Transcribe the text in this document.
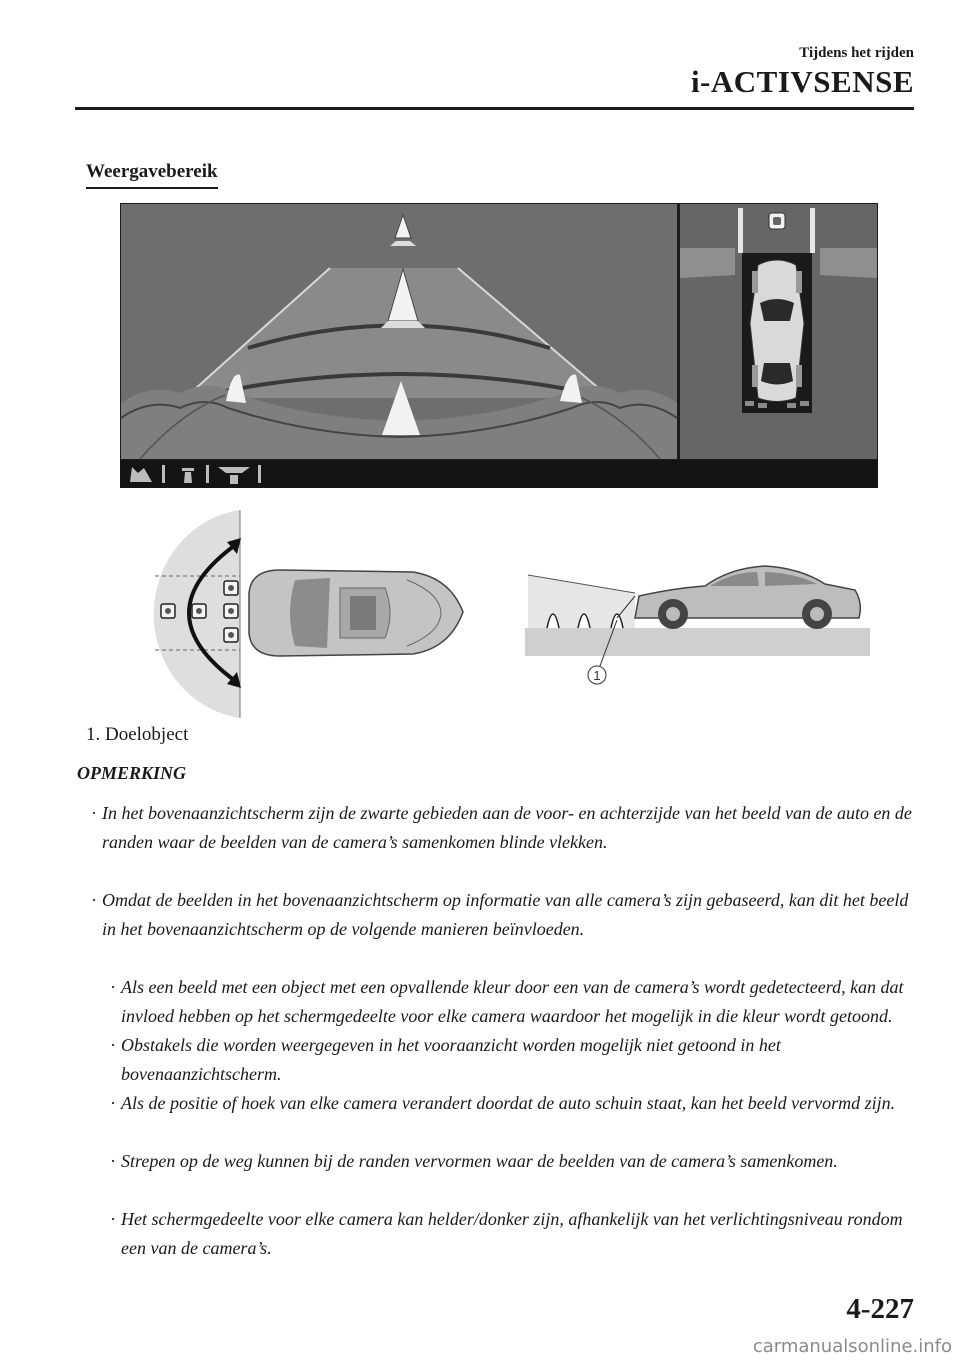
Tijdens het rijden
i-ACTIVSENSE
Weergavebereik
1
1. Doelobject
OPMERKING
· In het bovenaanzichtscherm zijn de zwarte gebieden aan de voor- en achterzijde van het beeld van de auto en de randen waar de beelden van de camera’s samenkomen blinde vlekken.
· Omdat de beelden in het bovenaanzichtscherm op informatie van alle camera’s zijn gebaseerd, kan dit het beeld in het bovenaanzichtscherm op de volgende manieren beïnvloeden.
· Als een beeld met een object met een opvallende kleur door een van de camera’s wordt gedetecteerd, kan dat invloed hebben op het schermgedeelte voor elke camera waardoor het mogelijk in die kleur wordt getoond.
· Obstakels die worden weergegeven in het vooraanzicht worden mogelijk niet getoond in het bovenaanzichtscherm.
· Als de positie of hoek van elke camera verandert doordat de auto schuin staat, kan het beeld vervormd zijn.
· Strepen op de weg kunnen bij de randen vervormen waar de beelden van de camera’s samenkomen.
· Het schermgedeelte voor elke camera kan helder/donker zijn, afhankelijk van het verlichtingsniveau rondom een van de camera’s.
4-227
carmanualsonline.info
